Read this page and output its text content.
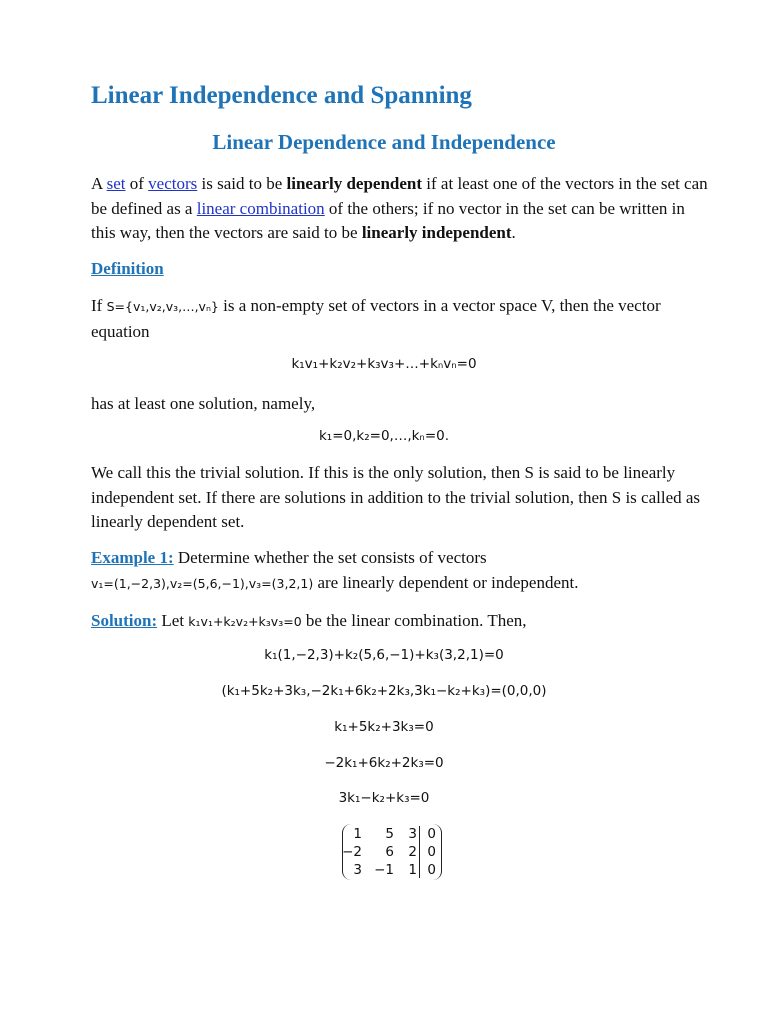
Linear Independence and Spanning
Linear Dependence and Independence

A set of vectors is said to be linearly dependent if at least one of the vectors in the set can be defined as a linear combination of the others; if no vector in the set can be written in this way, then the vectors are said to be linearly independent.

Definition

If S={v₁,v₂,v₃,…,vₙ} is a non-empty set of vectors in a vector space V, then the vector equation

k₁v₁+k₂v₂+k₃v₃+…+kₙvₙ=0

has at least one solution, namely,

k₁=0,k₂=0,…,kₙ=0.

We call this the trivial solution. If this is the only solution, then S is said to be linearly independent set. If there are solutions in addition to the trivial solution, then S is called as linearly dependent set.

Example 1: Determine whether the set consists of vectors
v₁=(1,−2,3),v₂=(5,6,−1),v₃=(3,2,1) are linearly dependent or independent.

Solution: Let k₁v₁+k₂v₂+k₃v₃=0 be the linear combination. Then,

k₁(1,−2,3)+k₂(5,6,−1)+k₃(3,2,1)=0
(k₁+5k₂+3k₃,−2k₁+6k₂+2k₃,3k₁−k₂+k₃)=(0,0,0)
k₁+5k₂+3k₃=0
−2k₁+6k₂+2k₃=0
3k₁−k₂+k₃=0
1	5	3 0
−2	6	2 0
3 −1	1 0
